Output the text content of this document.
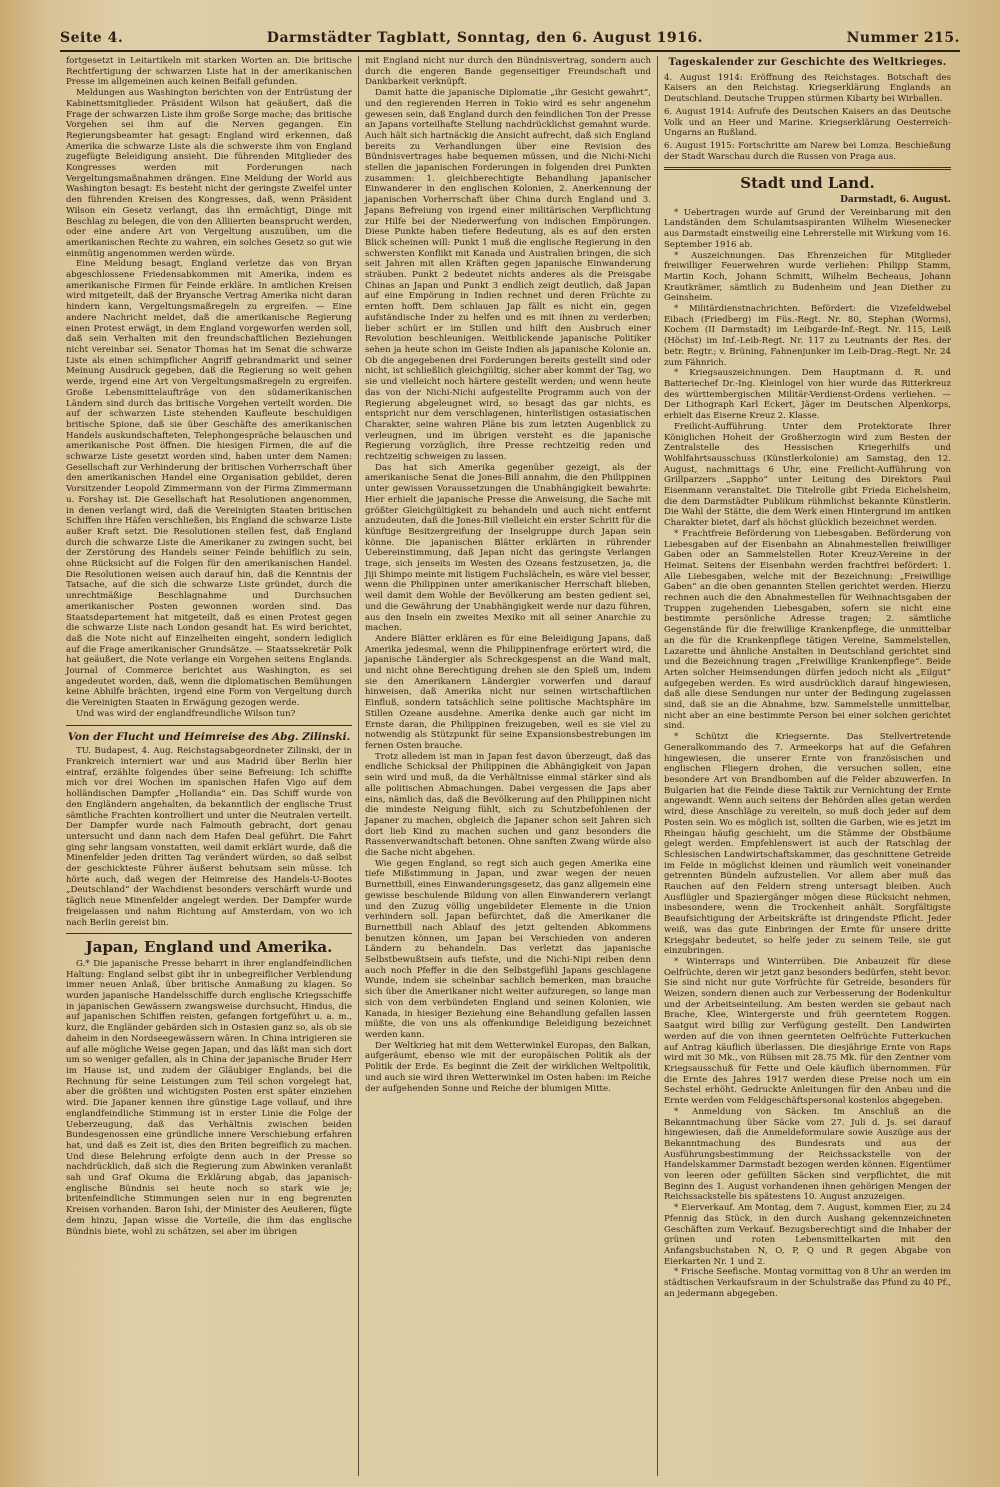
Seite 4.	Darmstädter Tagblatt, Sonntag, den 6. August 1916.	Nummer 215.

fortgesetzt in Leitartikeln mit starken Worten an. Die britische Rechtfertigung der schwarzen Liste hat in der amerikanischen Presse im allgemeinen auch keinen Beifall gefunden.

Meldungen aus Washington berichten von der Entrüstung der Kabinettsmitglieder. Präsident Wilson hat geäußert, daß die Frage der schwarzen Liste ihm große Sorge mache; das britische Vorgehen sei ihm auf die Nerven gegangen. Ein Regierungsbeamter hat gesagt: England wird erkennen, daß Amerika die schwarze Liste als die schwerste ihm von England zugefügte Beleidigung ansieht. Die führenden Mitglieder des Kongresses werden mit Forderungen nach Vergeltungsmaßnahmen drängen. Eine Meldung der World aus Washington besagt: Es besteht nicht der geringste Zweifel unter den führenden Kreisen des Kongresses, daß, wenn Präsident Wilson ein Gesetz verlangt, das ihn ermächtigt, Dinge mit Beschlag zu belegen, die von den Alliierten beansprucht werden, oder eine andere Art von Vergeltung auszuüben, um die amerikanischen Rechte zu wahren, ein solches Gesetz so gut wie einmütig angenommen werden würde.

Eine Meldung besagt, England verletze das von Bryan abgeschlossene Friedensabkommen mit Amerika, indem es amerikanische Firmen für Feinde erkläre. In amtlichen Kreisen wird mitgeteilt, daß der Bryansche Vertrag Amerika nicht daran hindern kann, Vergeltungsmaßregeln zu ergreifen. — Eine andere Nachricht meldet, daß die amerikanische Regierung einen Protest erwägt, in dem England vorgeworfen werden soll, daß sein Verhalten mit den freundschaftlichen Beziehungen nicht vereinbar sei. Senator Thomas hat im Senat die schwarze Liste als einen schimpflicher Angriff gebrandmarkt und seiner Meinung Ausdruck gegeben, daß die Regierung so weit gehen werde, irgend eine Art von Vergeltungsmaßregeln zu ergreifen. Große Lebensmittelaufträge von den südamerikanischen Ländern sind durch das britische Vorgehen verteilt worden. Die auf der schwarzen Liste stehenden Kaufleute beschuldigen britische Spione, daß sie über Geschäfte des amerikanischen Handels auskundschafteten, Telephongespräche belauschen und amerikanische Post öffnen. Die hiesigen Firmen, die auf die schwarze Liste gesetzt worden sind, haben unter dem Namen: Gesellschaft zur Verhinderung der britischen Vorherrschaft über den amerikanischen Handel eine Organisation gebildet, deren Vorsitzender Leopold Zimmermann von der Firma Zimmermann u. Forshay ist. Die Gesellschaft hat Resolutionen angenommen, in denen verlangt wird, daß die Vereinigten Staaten britischen Schiffen ihre Häfen verschließen, bis England die schwarze Liste außer Kraft setzt. Die Resolutionen stellen fest, daß England durch die schwarze Liste die Amerikaner zu zwingen sucht, bei der Zerstörung des Handels seiner Feinde behilflich zu sein, ohne Rücksicht auf die Folgen für den amerikanischen Handel. Die Resolutionen weisen auch darauf hin, daß die Kenntnis der Tatsache, auf die sich die schwarze Liste gründet, durch die unrechtmäßige Beschlagnahme und Durchsuchen amerikanischer Posten gewonnen worden sind. Das Staatsdepartement hat mitgeteilt, daß es einen Protest gegen die schwarze Liste nach London gesandt hat. Es wird berichtet, daß die Note nicht auf Einzelheiten eingeht, sondern lediglich auf die Frage amerikanischer Grundsätze. — Staatssekretär Polk hat geäußert, die Note verlange ein Vorgehen seitens Englands. Journal of Commerce berichtet aus Washington, es sei angedeutet worden, daß, wenn die diplomatischen Bemühungen keine Abhilfe brächten, irgend eine Form von Vergeltung durch die Vereinigten Staaten in Erwägung gezogen werde.

Und was wird der englandfreundliche Wilson tun?

Von der Flucht und Heimreise des Abg. Zilinski.

TU. Budapest, 4. Aug. Reichstagsabgeordneter Zilinski, der in Frankreich interniert war und aus Madrid über Berlin hier eintraf, erzählte folgendes über seine Befreiung: Ich schiffte mich vor drei Wochen im spanischen Hafen Vigo auf dem holländischen Dampfer „Hollandia“ ein. Das Schiff wurde von den Engländern angehalten, da bekanntlich der englische Trust sämtliche Frachten kontrolliert und unter die Neutralen verteilt. Der Dampfer wurde nach Falmouth gebracht, dort genau untersucht und dann nach dem Hafen Deal geführt. Die Fahrt ging sehr langsam vonstatten, weil damit erklärt wurde, daß die Minenfelder jeden dritten Tag verändert würden, so daß selbst der geschickteste Führer äußerst behutsam sein müsse. Ich hörte auch, daß wegen der Heimreise des Handels-U-Bootes „Deutschland“ der Wachdienst besonders verschärft wurde und täglich neue Minenfelder angelegt werden. Der Dampfer wurde freigelassen und nahm Richtung auf Amsterdam, von wo ich nach Berlin gereist bin.

Japan, England und Amerika.

G.* Die japanische Presse beharrt in ihrer englandfeindlichen Haltung: England selbst gibt ihr in unbegreiflicher Verblendung immer neuen Anlaß, über britische Anmaßung zu klagen. So wurden japanische Handelsschiffe durch englische Kriegsschiffe in japanischen Gewässern zwangsweise durchsucht, Hindus, die auf japanischen Schiffen reisten, gefangen fortgeführt u. a. m., kurz, die Engländer gebärden sich in Ostasien ganz so, als ob sie daheim in den Nordseegewässern wären. In China intrigieren sie auf alle mögliche Weise gegen Japan, und das läßt man sich dort um so weniger gefallen, als in China der japanische Bruder Herr im Hause ist, und zudem der Gläubiger Englands, bei die Rechnung für seine Leistungen zum Teil schon vorgelegt hat, aber die größten und wichtigsten Posten erst später einziehen wird. Die Japaner kennen ihre günstige Lage vollauf, und ihre englandfeindliche Stimmung ist in erster Linie die Folge der Ueberzeugung, daß das Verhältnis zwischen beiden Bundesgenossen eine gründliche innere Verschiebung erfahren hat, und daß es Zeit ist, dies den Briten begreiflich zu machen. Und diese Belehrung erfolgte denn auch in der Presse so nachdrücklich, daß sich die Regierung zum Abwinken veranlaßt sah und Graf Okuma die Erklärung abgab, das japanisch-englische Bündnis sei heute noch so stark wie je; britenfeindliche Stimmungen seien nur in eng begrenzten Kreisen vorhanden. Baron Ishi, der Minister des Aeußeren, fügte dem hinzu, Japan wisse die Vorteile, die ihm das englische Bündnis biete, wohl zu schätzen, sei aber im übrigen

mit England nicht nur durch den Bündnisvertrag, sondern auch durch die engeren Bande gegenseitiger Freundschaft und Dankbarkeit verknüpft.

Damit hatte die japanische Diplomatie „ihr Gesicht gewahrt“, und den regierenden Herren in Tokio wird es sehr angenehm gewesen sein, daß England durch den feindlichen Ton der Presse an Japans vorteilhafte Stellung nachdrücklichst gemahnt wurde. Auch hält sich hartnäckig die Ansicht aufrecht, daß sich England bereits zu Verhandlungen über eine Revision des Bündnisvertrages habe bequemen müssen, und die Nichi-Nichi stellen die japanischen Forderungen in folgenden drei Punkten zusammen: 1. gleichberechtigte Behandlung japanischer Einwanderer in den englischen Kolonien, 2. Anerkennung der japanischen Vorherrschaft über China durch England und 3. Japans Befreiung von irgend einer militärischen Verpflichtung zur Hilfe bei der Niederwerfung von indischen Empörungen. Diese Punkte haben tiefere Bedeutung, als es auf den ersten Blick scheinen will: Punkt 1 muß die englische Regierung in den schwersten Konflikt mit Kanada und Australien bringen, die sich seit Jahren mit allen Kräften gegen japanische Einwanderung sträuben. Punkt 2 bedeutet nichts anderes als die Preisgabe Chinas an Japan und Punkt 3 endlich zeigt deutlich, daß Japan auf eine Empörung in Indien rechnet und deren Früchte zu ernten hofft. Dem schlauen Jap fällt es nicht ein, gegen aufständische Inder zu helfen und es mit ihnen zu verderben; lieber schürt er im Stillen und hilft den Ausbruch einer Revolution beschleunigen. Weitblickende japanische Politiker sehen ja heute schon im Geiste Indien als japanische Kolonie an. Ob die angegebenen drei Forderungen bereits gestellt sind oder nicht, ist schließlich gleichgültig, sicher aber kommt der Tag, wo sie und vielleicht noch härtere gestellt werden; und wenn heute das von der Nichi-Nichi aufgestellte Programm auch von der Regierung abgeleugnet wird, so besagt das gar nichts, es entspricht nur dem verschlagenen, hinterlistigen ostasiatischen Charakter, seine wahren Pläne bis zum letzten Augenblick zu verleugnen, und im übrigen versteht es die japanische Regierung vorzüglich, ihre Presse rechtzeitig reden und rechtzeitig schweigen zu lassen.

Das hat sich Amerika gegenüber gezeigt, als der amerikanische Senat die Jones-Bill annahm, die den Philippinen unter gewissen Voraussetzungen die Unabhängigkeit bewahrte: Hier erhielt die japanische Presse die Anweisung, die Sache mit größter Gleichgültigkeit zu behandeln und auch nicht entfernt anzudeuten, daß die Jones-Bill vielleicht ein erster Schritt für die künftige Besitzergreifung der Inselgruppe durch Japan sein könne. Die japanischen Blätter erklärten in rührender Uebereinstimmung, daß Japan nicht das geringste Verlangen trage, sich jenseits im Westen des Ozeans festzusetzen, ja, die Jiji Shimpo meinte mit listigem Fuchslächeln, es wäre viel besser, wenn die Philippinen unter amerikanischer Herrschaft blieben, weil damit dem Wohle der Bevölkerung am besten gedient sei, und die Gewährung der Unabhängigkeit werde nur dazu führen, aus den Inseln ein zweites Mexiko mit all seiner Anarchie zu machen.

Andere Blätter erklären es für eine Beleidigung Japans, daß Amerika jedesmal, wenn die Philippinenfrage erörtert wird, die japanische Ländergier als Schreckgespenst an die Wand malt, und nicht ohne Berechtigung drehen sie den Spieß um, indem sie den Amerikanern Ländergier vorwerfen und darauf hinweisen, daß Amerika nicht nur seinen wirtschaftlichen Einfluß, sondern tatsächlich seine politische Machtsphäre im Stillen Ozeane ausdehne. Amerika denke auch gar nicht im Ernste daran, die Philippinen freizugeben, weil es sie viel zu notwendig als Stützpunkt für seine Expansionsbestrebungen im fernen Osten brauche.

Trotz alledem ist man in Japan fest davon überzeugt, daß das endliche Schicksal der Philippinen die Abhängigkeit von Japan sein wird und muß, da die Verhältnisse einmal stärker sind als alle politischen Abmachungen. Dabei vergessen die Japs aber eins, nämlich das, daß die Bevölkerung auf den Philippinen nicht die mindeste Neigung fühlt, sich zu Schutzbefohlenen der Japaner zu machen, obgleich die Japaner schon seit Jahren sich dort lieb Kind zu machen suchen und ganz besonders die Rassenverwandtschaft betonen. Ohne sanften Zwang würde also die Sache nicht abgehen.

Wie gegen England, so regt sich auch gegen Amerika eine tiefe Mißstimmung in Japan, und zwar wegen der neuen Burnettbill, eines Einwanderungsgesetz, das ganz allgemein eine gewisse beschulende Bildung von allen Einwanderern verlangt und den Zuzug völlig ungebildeter Elemente in die Union verhindern soll. Japan befürchtet, daß die Amerikaner die Burnettbill nach Ablauf des jetzt geltenden Abkommens benutzen können, um Japan bei Verschieden von anderen Ländern zu behandeln. Das verletzt das japanische Selbstbewußtsein aufs tiefste, und die Nichi-Nipi reiben denn auch noch Pfeffer in die den Selbstgefühl Japans geschlagene Wunde, indem sie scheinbar sachlich bemerken, man brauche sich über die Amerikaner nicht weiter aufzuregen, so lange man sich von dem verbündeten England und seinen Kolonien, wie Kanada, in hiesiger Beziehung eine Behandlung gefallen lassen müßte, die von uns als offenkundige Beleidigung bezeichnet werden kann.

Der Weltkrieg hat mit dem Wetterwinkel Europas, den Balkan, aufgeräumt, ebenso wie mit der europäischen Politik als der Politik der Erde. Es beginnt die Zeit der wirklichen Weltpolitik, und auch sie wird ihren Wetterwinkel im Osten haben: im Reiche der aufgehenden Sonne und Reiche der blumigen Mitte.

Tageskalender zur Geschichte des Weltkrieges.

4. August 1914: Eröffnung des Reichstages. Botschaft des Kaisers an den Reichstag. Kriegserklärung Englands an Deutschland. Deutsche Truppen stürmen Kibarty bei Wirballen.

6. August 1914: Aufrufe des Deutschen Kaisers an das Deutsche Volk und an Heer und Marine. Kriegserklärung Oesterreich-Ungarns an Rußland.

6. August 1915: Fortschritte am Narew bei Lomza. Beschießung der Stadt Warschau durch die Russen von Praga aus.

Stadt und Land.
Darmstadt, 6. August.

* Uebertragen wurde auf Grund der Vereinbarung mit den Landständen dem Schulamtsaspiranten Wilhelm Wiesenecker aus Darmstadt einstweilig eine Lehrerstelle mit Wirkung vom 16. September 1916 ab.

* Auszeichnungen. Das Ehrenzeichen für Mitglieder freiwilliger Feuerwehren wurde verliehen: Philipp Stamm, Martin Koch, Johann Schmitt, Wilhelm Becheaus, Johann Krautkrämer, sämtlich zu Budenheim und Jean Diether zu Geinsheim.

* Militärdienstnachrichten. Befördert: die Vizefeldwebel Eibach (Friedberg) im Füs.-Regt. Nr. 80, Stephan (Worms), Kochem (II Darmstadt) im Leibgarde-Inf.-Regt. Nr. 115, Leiß (Höchst) im Inf.-Leib-Regt. Nr. 117 zu Leutnants der Res. der betr. Regtr.; v. Brüning, Fahnenjunker im Leib-Drag.-Regt. Nr. 24 zum Fähnrich.

* Kriegsauszeichnungen. Dem Hauptmann d. R. und Batteriechef Dr.-Ing. Kleinlogel von hier wurde das Ritterkreuz des württembergischen Militär-Verdienst-Ordens verliehen. — Der Lithograph Karl Eckert, Jäger im Deutschen Alpenkorps, erhielt das Eiserne Kreuz 2. Klasse.

Freilicht-Aufführung. Unter dem Protektorate Ihrer Königlichen Hoheit der Großherzogin wird zum Besten der Zentralstelle des Hessischen Kriegerhilfs und Wohlfahrtsausschuss (Künstlerkolonie) am Samstag, den 12. August, nachmittags 6 Uhr, eine Freilicht-Aufführung von Grillparzers „Sappho“ unter Leitung des Direktors Paul Eisenmann veranstaltet. Die Titelrolle gibt Frieda Eichelsheim, die dem Darmstädter Publikum rühmlichst bekannte Künstlerin. Die Wahl der Stätte, die dem Werk einen Hintergrund im antiken Charakter bietet, darf als höchst glücklich bezeichnet werden.

* Frachtfreie Beförderung von Liebesgaben. Beförderung von Liebesgaben auf der Eisenbahn an Abnahmestellen freiwilliger Gaben oder an Sammelstellen Roter Kreuz-Vereine in der Heimat. Seitens der Eisenbahn werden frachtfrei befördert: 1. Alle Liebesgaben, welche mit der Bezeichnung: „Freiwillige Gaben“ an die oben genannten Stellen gerichtet werden. Hierzu rechnen auch die den Abnahmestellen für Weihnachtsgaben der Truppen zugehenden Liebesgaben, sofern sie nicht eine bestimmte persönliche Adresse tragen; 2. sämtliche Gegenstände für die freiwillige Krankenpflege, die unmittelbar an die für die Krankenpflege tätigen Vereine, Sammelstellen, Lazarette und ähnliche Anstalten in Deutschland gerichtet sind und die Bezeichnung tragen „Freiwillige Krankenpflege“. Beide Arten solcher Heimsendungen dürfen jedoch nicht als „Eilgut“ aufgegeben werden. Es wird ausdrücklich darauf hingewiesen, daß alle diese Sendungen nur unter der Bedingung zugelassen sind, daß sie an die Abnahme, bzw. Sammelstelle unmittelbar, nicht aber an eine bestimmte Person bei einer solchen gerichtet sind.

* Schützt die Kriegsernte. Das Stellvertretende Generalkommando des 7. Armeekorps hat auf die Gefahren hingewiesen, die unserer Ernte von französischen und englischen Fliegern drohen, die versuchen sollen, eine besondere Art von Brandbomben auf die Felder abzuwerfen. In Bulgarien hat die Feinde diese Taktik zur Vernichtung der Ernte angewandt. Wenn auch seitens der Behörden alles getan werden wird, diese Anschläge zu vereiteln, so muß doch jeder auf dem Posten sein. Wo es möglich ist, sollten die Garben, wie es jetzt im Rheingau häufig geschieht, um die Stämme der Obstbäume gelegt werden. Empfehlenswert ist auch der Ratschlag der Schlesischen Landwirtschaftskammer, das geschnittene Getreide im Felde in möglichst kleinen und räumlich weit voneinander getrennten Bündeln aufzustellen. Vor allem aber muß das Rauchen auf den Feldern streng untersagt bleiben. Auch Ausflügler und Spaziergänger mögen diese Rücksicht nehmen, insbesondere, wenn die Trockenheit anhält. Sorgfältigste Beaufsichtigung der Arbeitskräfte ist dringendste Pflicht. Jeder weiß, was das gute Einbringen der Ernte für unsere dritte Kriegsjahr bedeutet, so helfe jeder zu seinem Teile, sie gut einzubringen.

* Winterraps und Winterrüben. Die Anbauzeit für diese Oelfrüchte, deren wir jetzt ganz besonders bedürfen, steht bevor. Sie sind nicht nur gute Vorfrüchte für Getreide, besonders für Weizen, sondern dienen auch zur Verbesserung der Bodenkultur und der Arbeitseinteilung. Am besten werden sie gebaut nach Brache, Klee, Wintergerste und früh geerntetem Roggen. Saatgut wird billig zur Verfügung gestellt. Den Landwirten werden auf die von ihnen geernteten Oelfrüchte Futterkuchen auf Antrag käuflich überlassen. Die diesjährige Ernte von Raps wird mit 30 Mk., von Rübsen mit 28.75 Mk. für den Zentner vom Kriegsausschuß für Fette und Oele käuflich übernommen. Für die Ernte des Jahres 1917 werden diese Preise noch um ein Sechstel erhöht. Gedruckte Anleitungen für den Anbau und die Ernte werden vom Feldgeschäftspersonal kostenlos abgegeben.

* Anmeldung von Säcken. Im Anschluß an die Bekanntmachung über Säcke vom 27. Juli d. Js. sei darauf hingewiesen, daß die Anmeldeformulare sowie Auszüge aus der Bekanntmachung des Bundesrats und aus der Ausführungsbestimmung der Reichssackstelle von der Handelskammer Darmstadt bezogen werden können. Eigentümer von leeren oder gefüllten Säcken sind verpflichtet, die mit Beginn des 1. August vorhandenen ihnen gehörigen Mengen der Reichssackstelle bis spätestens 10. August anzuzeigen.

* Eierverkauf. Am Montag, dem 7. August, kommen Eier, zu 24 Pfennig das Stück, in den durch Aushang gekennzeichneten Geschäften zum Verkauf. Bezugsberechtigt sind die Inhaber der grünen und roten Lebensmittelkarten mit den Anfangsbuchstaben N, O, P, Q und R gegen Abgabe von Eierkarten Nr. 1 und 2.

* Frische Seefische. Montag vormittag von 8 Uhr an werden im städtischen Verkaufsraum in der Schulstraße das Pfund zu 40 Pf., an jedermann abgegeben.
